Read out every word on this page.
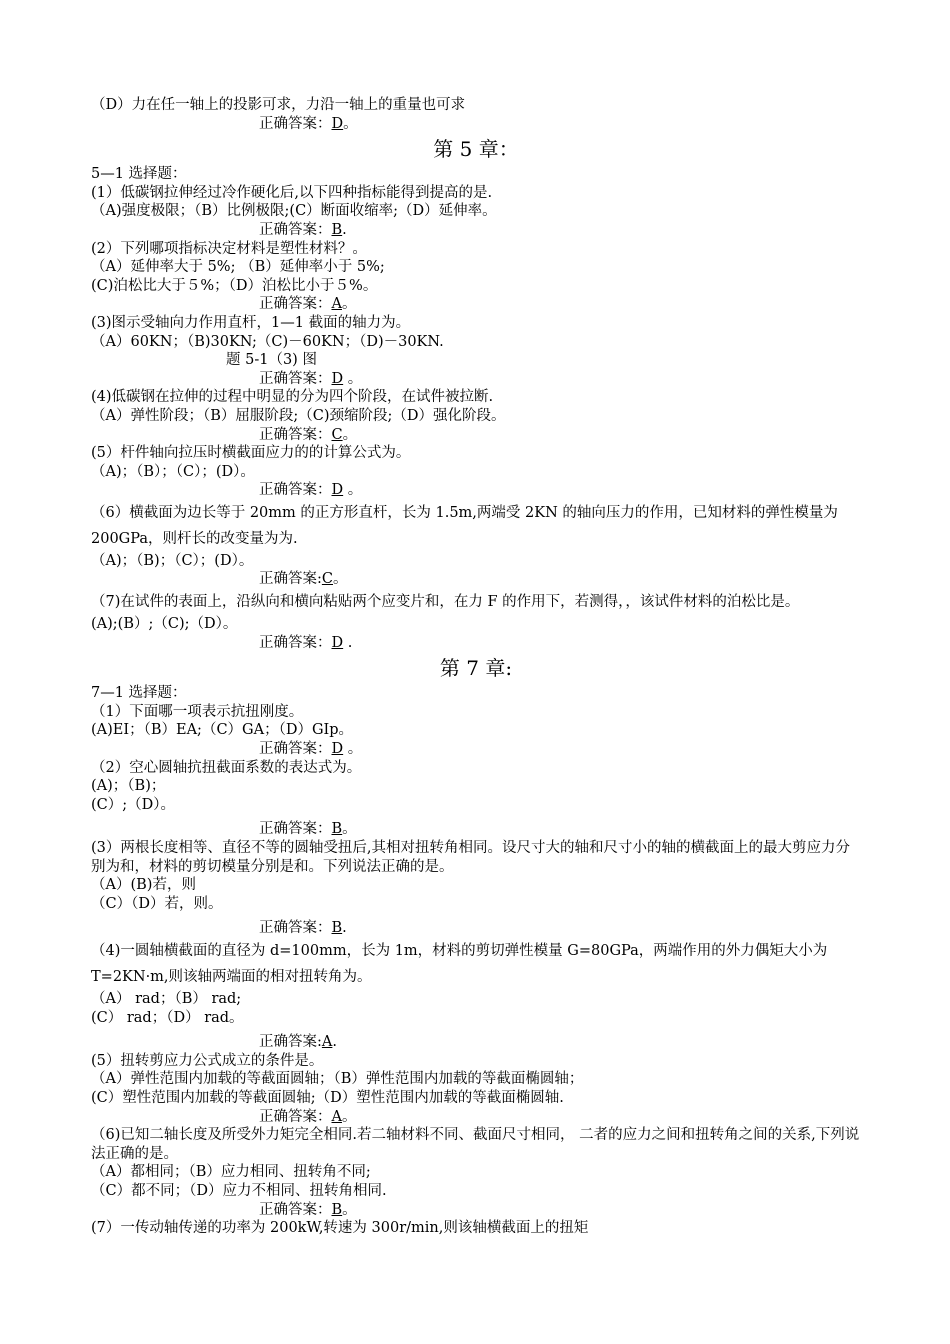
（D）力在任一轴上的投影可求，力沿一轴上的重量也可求
正确答案：D。
第 5 章：
5—1 选择题：
(1）低碳钢拉伸经过冷作硬化后,以下四种指标能得到提高的是.
（A)强度极限；（B）比例极限;(C）断面收缩率;（D）延伸率。
正确答案：B.
(2）下列哪项指标决定材料是塑性材料？。
（A）延伸率大于 5%; （B）延伸率小于 5%;
(C)泊松比大于５%；（D）泊松比小于５%。
正确答案：A。
(3)图示受轴向力作用直杆，1—1 截面的轴力为。
（A）60KN；（B)30KN;（C)－60KN；（D)－30KN.
题 5-1（3) 图
正确答案：D 。
(4)低碳钢在拉伸的过程中明显的分为四个阶段，在试件被拉断.
（A）弹性阶段；（B）屈服阶段;（C)颈缩阶段;（D）强化阶段。
正确答案：C。
(5）杆件轴向拉压时横截面应力的的计算公式为。
（A)；（B）；（C）；(D）。
正确答案：D 。
（6）横截面为边长等于 20mm 的正方形直杆，长为 1.5m,两端受 2KN 的轴向压力的作用，已知材料的弹性模量为 200GPa，则杆长的改变量为为.
（A)；（B)；（C）；(D）。
正确答案:C。
（7)在试件的表面上，沿纵向和横向粘贴两个应变片和，在力 F 的作用下，若测得，，该试件材料的泊松比是。
(A);(B）;（C);（D）。
正确答案：D .
第 7 章:
7—1 选择题：
（1）下面哪一项表示抗扭刚度。
(A)EI；（B）EA;（C）GA；（D）GIp。
正确答案：D 。
（2）空心圆轴抗扭截面系数的表达式为。
(A)；（B)；
(C）;（D）。
正确答案：B。
(3）两根长度相等、直径不等的圆轴受扭后,其相对扭转角相同。设尺寸大的轴和尺寸小的轴的横截面上的最大剪应力分别为和，材料的剪切模量分别是和。下列说法正确的是。
（A）(B)若，则
（C）（D）若，则。
正确答案：B.
（4)一圆轴横截面的直径为 d=100mm，长为 1m，材料的剪切弹性模量 G=80GPa，两端作用的外力偶矩大小为 T=2KN·m,则该轴两端面的相对扭转角为。
（A） rad；（B） rad;
(C） rad；（D） rad。
正确答案:A.
(5）扭转剪应力公式成立的条件是。
（A）弹性范围内加载的等截面圆轴；（B）弹性范围内加载的等截面椭圆轴；
(C）塑性范围内加载的等截面圆轴;（D）塑性范围内加载的等截面椭圆轴.
正确答案：A。
（6)已知二轴长度及所受外力矩完全相同.若二轴材料不同、截面尺寸相同， 二者的应力之间和扭转角之间的关系,下列说法正确的是。
（A）都相同；（B）应力相同、扭转角不同;
（C）都不同；（D）应力不相同、扭转角相同.
正确答案：B。
(7）一传动轴传递的功率为 200kW,转速为 300r/min,则该轴横截面上的扭矩
